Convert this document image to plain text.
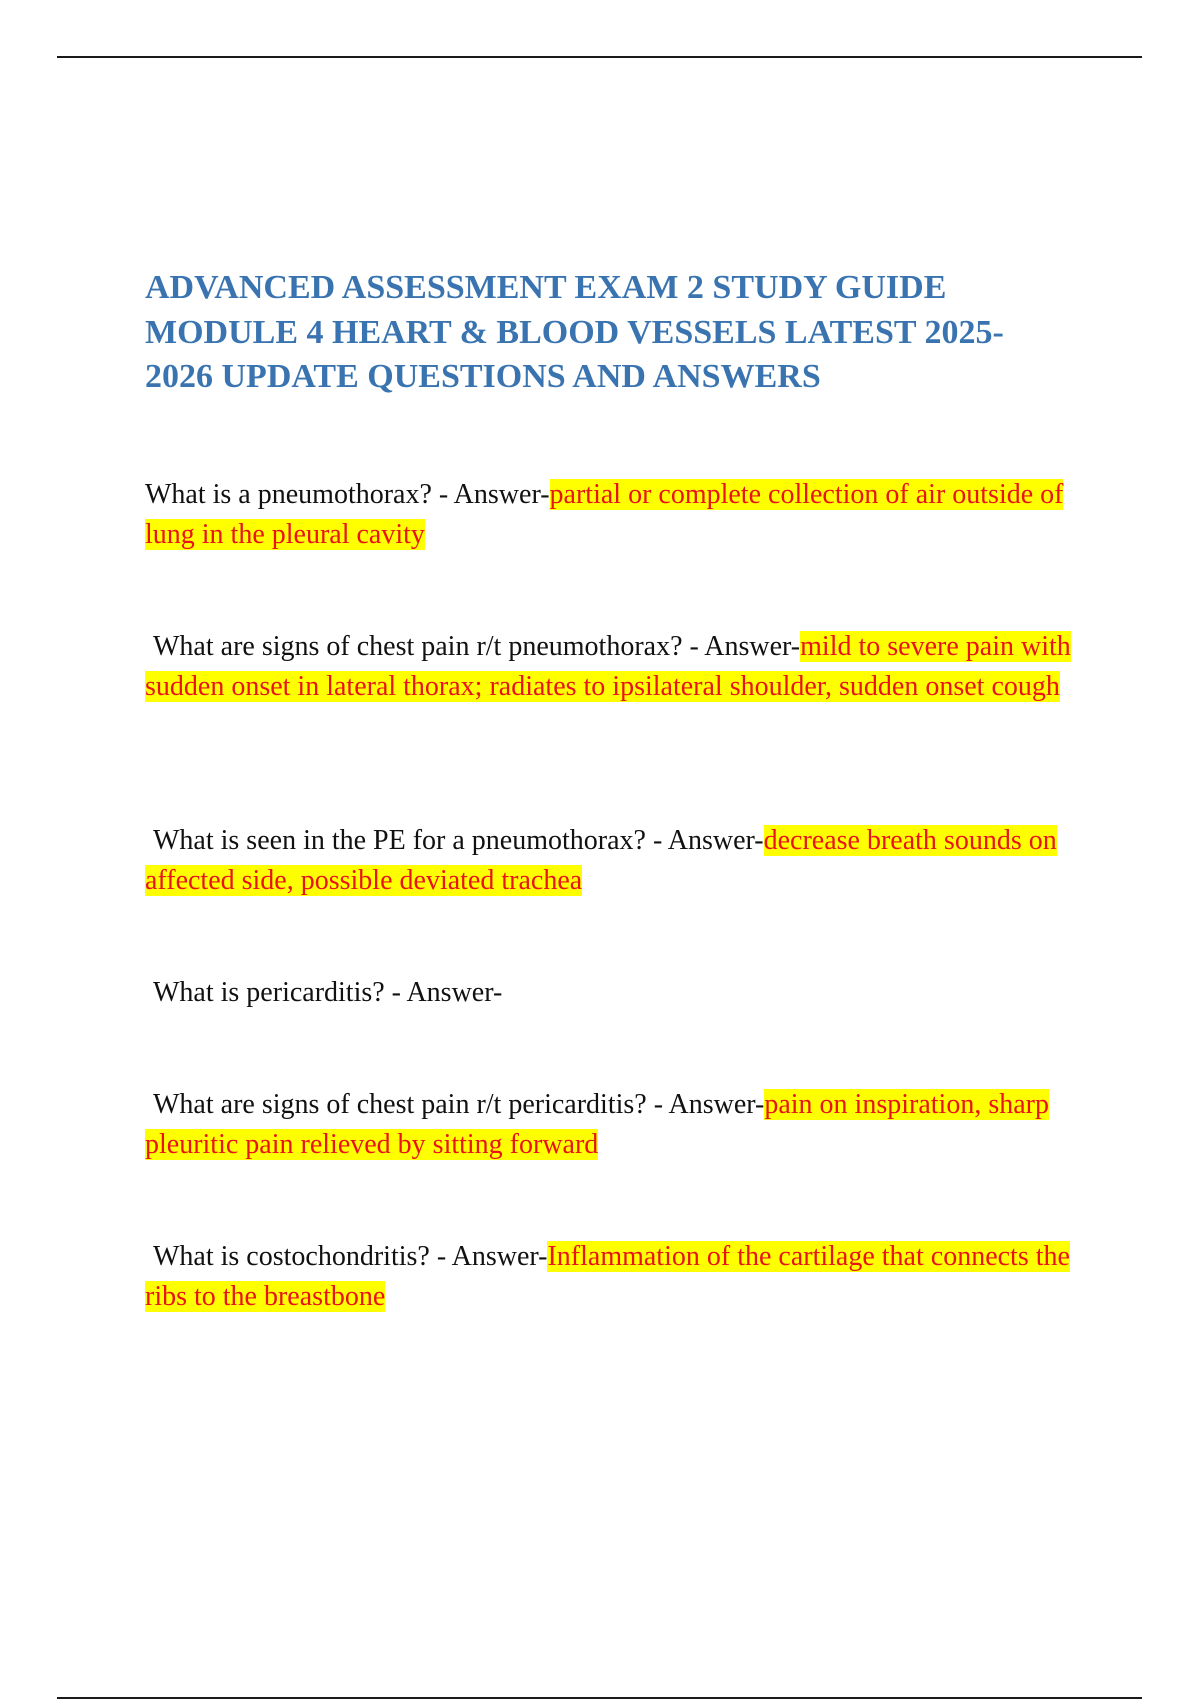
ADVANCED ASSESSMENT EXAM 2 STUDY GUIDE
MODULE 4 HEART & BLOOD VESSELS LATEST 2025-
2026 UPDATE QUESTIONS AND ANSWERS

What is a pneumothorax? - Answer-partial or complete collection of air outside of lung in the pleural cavity

What are signs of chest pain r/t pneumothorax? - Answer-mild to severe pain with sudden onset in lateral thorax; radiates to ipsilateral shoulder, sudden onset cough

What is seen in the PE for a pneumothorax? - Answer-decrease breath sounds on affected side, possible deviated trachea

What is pericarditis? - Answer-

What are signs of chest pain r/t pericarditis? - Answer-pain on inspiration, sharp pleuritic pain relieved by sitting forward

What is costochondritis? - Answer-Inflammation of the cartilage that connects the ribs to the breastbone
